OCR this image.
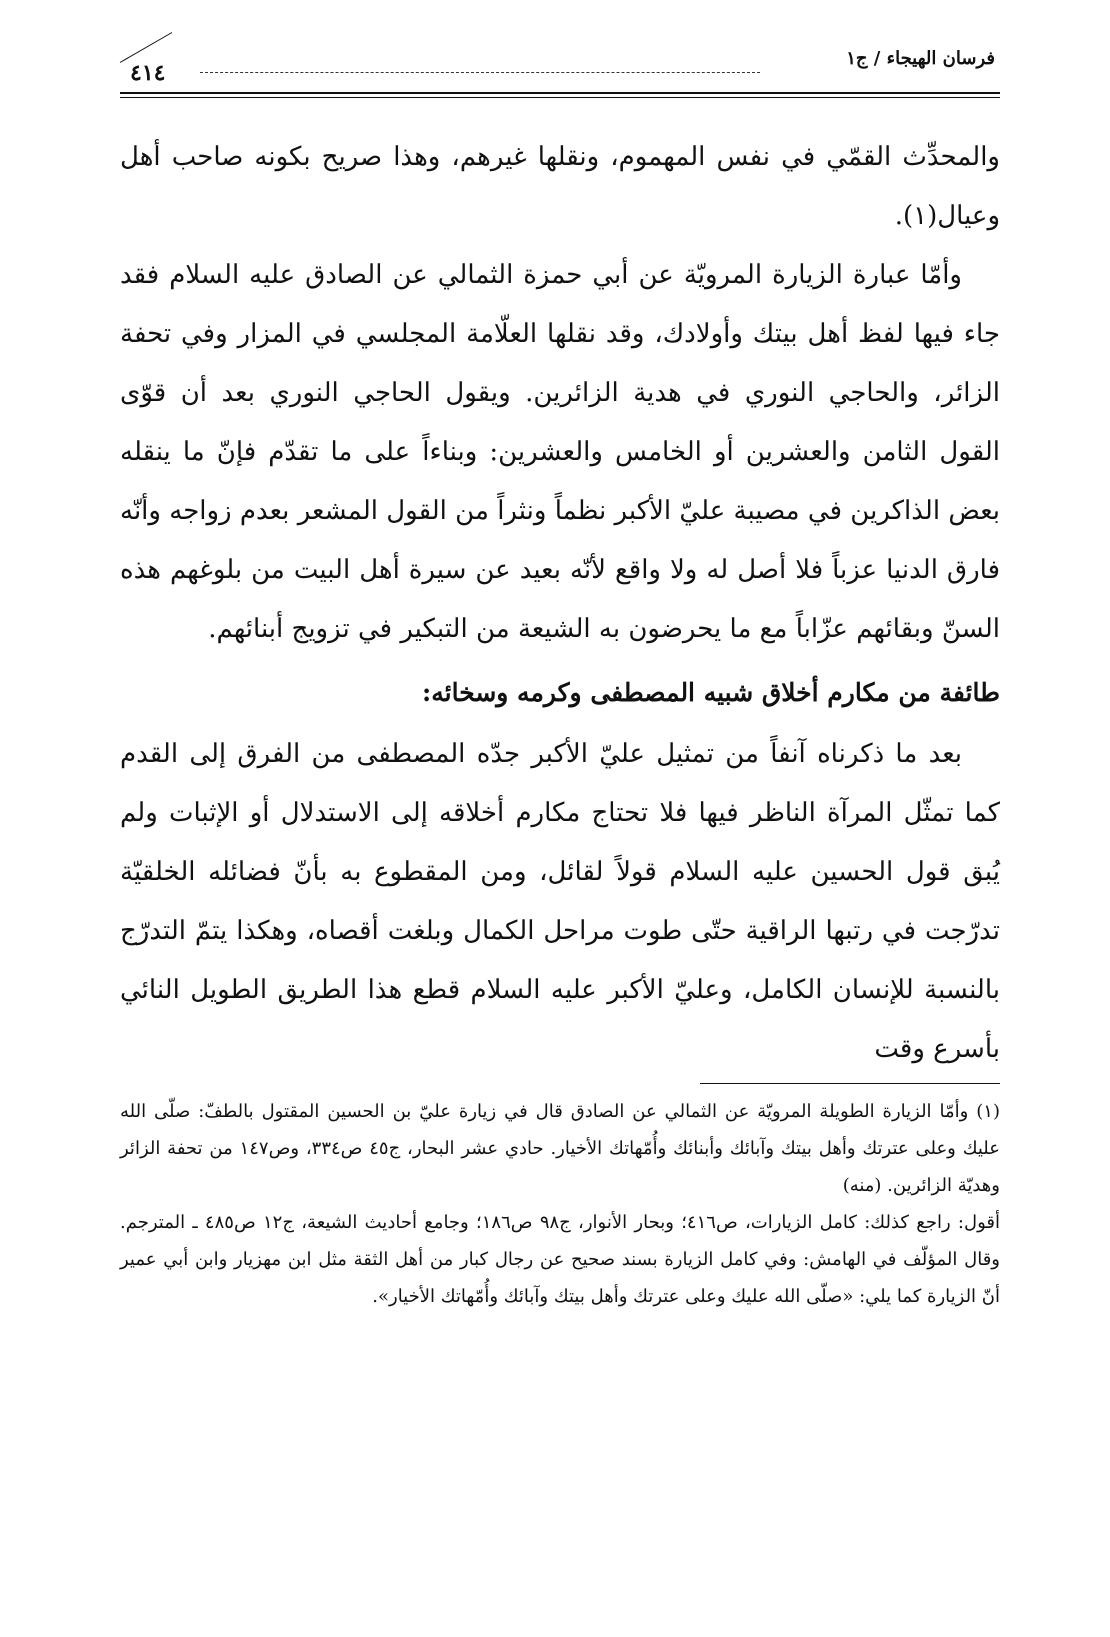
٤١٤
فرسان الهيجاء / ج١

والمحدِّث القمّي في نفس المهموم، ونقلها غيرهم، وهذا صريح بكونه صاحب أهل وعيال(١).

وأمّا عبارة الزيارة المرويّة عن أبي حمزة الثمالي عن الصادق عليه السلام فقد جاء فيها لفظ أهل بيتك وأولادك، وقد نقلها العلّامة المجلسي في المزار وفي تحفة الزائر، والحاجي النوري في هدية الزائرين. ويقول الحاجي النوري بعد أن قوّى القول الثامن والعشرين أو الخامس والعشرين: وبناءاً على ما تقدّم فإنّ ما ينقله بعض الذاكرين في مصيبة عليّ الأكبر نظماً ونثراً من القول المشعر بعدم زواجه وأنّه فارق الدنيا عزباً فلا أصل له ولا واقع لأنّه بعيد عن سيرة أهل البيت من بلوغهم هذه السنّ وبقائهم عزّاباً مع ما يحرضون به الشيعة من التبكير في تزويج أبنائهم.

طائفة من مكارم أخلاق شبيه المصطفى وكرمه وسخائه:

بعد ما ذكرناه آنفاً من تمثيل عليّ الأكبر جدّه المصطفى من الفرق إلى القدم كما تمثّل المرآة الناظر فيها فلا تحتاج مكارم أخلاقه إلى الاستدلال أو الإثبات ولم يُبق قول الحسين عليه السلام قولاً لقائل، ومن المقطوع به بأنّ فضائله الخلقيّة تدرّجت في رتبها الراقية حتّى طوت مراحل الكمال وبلغت أقصاه، وهكذا يتمّ التدرّج بالنسبة للإنسان الكامل، وعليّ الأكبر عليه السلام قطع هذا الطريق الطويل النائي بأسرع وقت

(١) وأمّا الزيارة الطويلة المرويّة عن الثمالي عن الصادق قال في زيارة عليّ بن الحسين المقتول بالطفّ: صلّى الله عليك وعلى عترتك وأهل بيتك وآبائك وأبنائك وأُمّهاتك الأخيار. حادي عشر البحار، ج٤٥ ص٣٣٤، وص١٤٧ من تحفة الزائر وهديّة الزائرين. (منه)

أقول: راجع كذلك: كامل الزيارات، ص٤١٦؛ وبحار الأنوار، ج٩٨ ص١٨٦؛ وجامع أحاديث الشيعة، ج١٢ ص٤٨٥ ـ المترجم. وقال المؤلّف في الهامش: وفي كامل الزيارة بسند صحيح عن رجال كبار من أهل الثقة مثل ابن مهزيار وابن أبي عمير أنّ الزيارة كما يلي: «صلّى الله عليك وعلى عترتك وأهل بيتك وآبائك وأُمّهاتك الأخيار».
